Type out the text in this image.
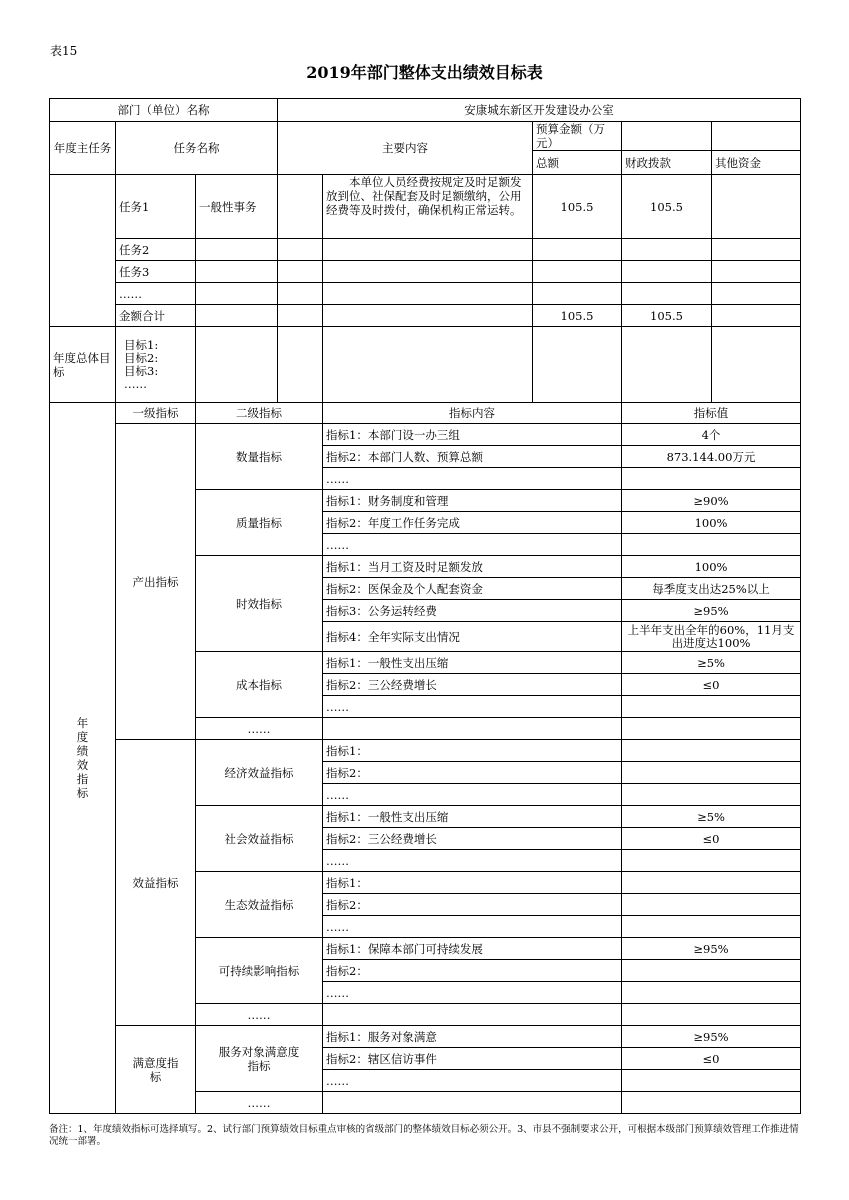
表15
2019年部门整体支出绩效目标表
部门（单位）名称			安康城东新区开发建设办公室				
年度主任务	任务名称		主要内容		预算金额（万元）		
					总额	财政拨款	其他资金
	任务1	一般性事务		本单位人员经费按规定及时足额发放到位、社保配套及时足额缴纳，公用经费等及时拨付，确保机构正常运转。	105.5	105.5	
	任务2						
	任务3						
	……						
	金额合计				105.5	105.5	
年度总体目标	目标1:
目标2:
目标3:
……						

年度绩效指标	一级指标	二级指标		指标内容		指标值	
	产出指标	数量指标		指标1：本部门设一办三组		4个	
				指标2：本部门人数、预算总额		873.144.00万元	
				……			
		质量指标		指标1：财务制度和管理		≥90%	
				指标2：年度工作任务完成		100%	
				……			
		时效指标		指标1：当月工资及时足额发放		100%	
				指标2：医保金及个人配套资金		每季度支出达25%以上	
				指标3：公务运转经费		≥95%	
				指标4：全年实际支出情况		上半年支出全年的60%，11月支出进度达100%	
		成本指标		指标1：一般性支出压缩		≥5%	
				指标2：三公经费增长		≤0	
				……			
		……					
	效益指标	经济效益指标		指标1：			
				指标2：			
				……			
		社会效益指标		指标1：一般性支出压缩		≥5%	
				指标2：三公经费增长		≤0	
				……			
		生态效益指标		指标1：			
				指标2：			
				……			
		可持续影响指标		指标1：保障本部门可持续发展		≥95%	
				指标2：			
				……			
		……					
	满意度指标	服务对象满意度指标		指标1：服务对象满意		≥95%	
				指标2：辖区信访事件		≤0	
				……			
		……					
备注：1、年度绩效指标可选择填写。2、试行部门预算绩效目标重点审核的省级部门的整体绩效目标必须公开。3、市县不强制要求公开，可根据本级部门预算绩效管理工作推进情况统一部署。
